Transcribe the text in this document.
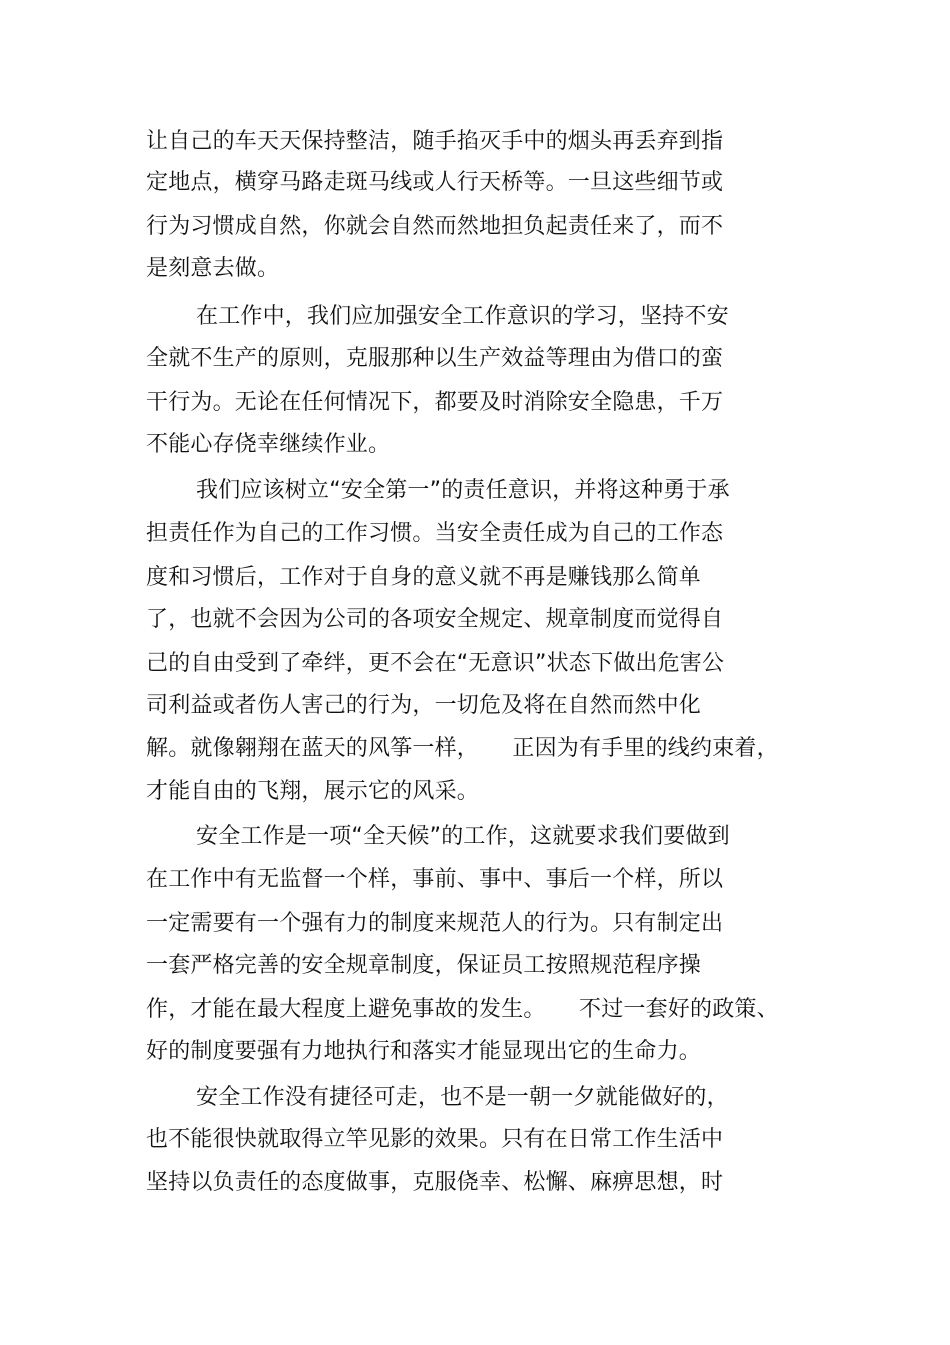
让自己的车天天保持整洁，随手掐灭手中的烟头再丢弃到指
定地点，横穿马路走斑马线或人行天桥等。一旦这些细节或
行为习惯成自然，你就会自然而然地担负起责任来了，而不
是刻意去做。
在工作中，我们应加强安全工作意识的学习，坚持不安
全就不生产的原则，克服那种以生产效益等理由为借口的蛮
干行为。无论在任何情况下，都要及时消除安全隐患，千万
不能心存侥幸继续作业。
我们应该树立“安全第一”的责任意识，并将这种勇于承
担责任作为自己的工作习惯。当安全责任成为自己的工作态
度和习惯后，工作对于自身的意义就不再是赚钱那么简单
了，也就不会因为公司的各项安全规定、规章制度而觉得自
己的自由受到了牵绊，更不会在“无意识”状态下做出危害公
司利益或者伤人害己的行为，一切危及将在自然而然中化
解。就像翱翔在蓝天的风筝一样，　　正因为有手里的线约束着，
才能自由的飞翔，展示它的风采。
安全工作是一项“全天候”的工作，这就要求我们要做到
在工作中有无监督一个样，事前、事中、事后一个样，所以
一定需要有一个强有力的制度来规范人的行为。只有制定出
一套严格完善的安全规章制度，保证员工按照规范程序操
作，才能在最大程度上避免事故的发生。　　不过一套好的政策、
好的制度要强有力地执行和落实才能显现出它的生命力。
安全工作没有捷径可走，也不是一朝一夕就能做好的，
也不能很快就取得立竿见影的效果。只有在日常工作生活中
坚持以负责任的态度做事，克服侥幸、松懈、麻痹思想，时
